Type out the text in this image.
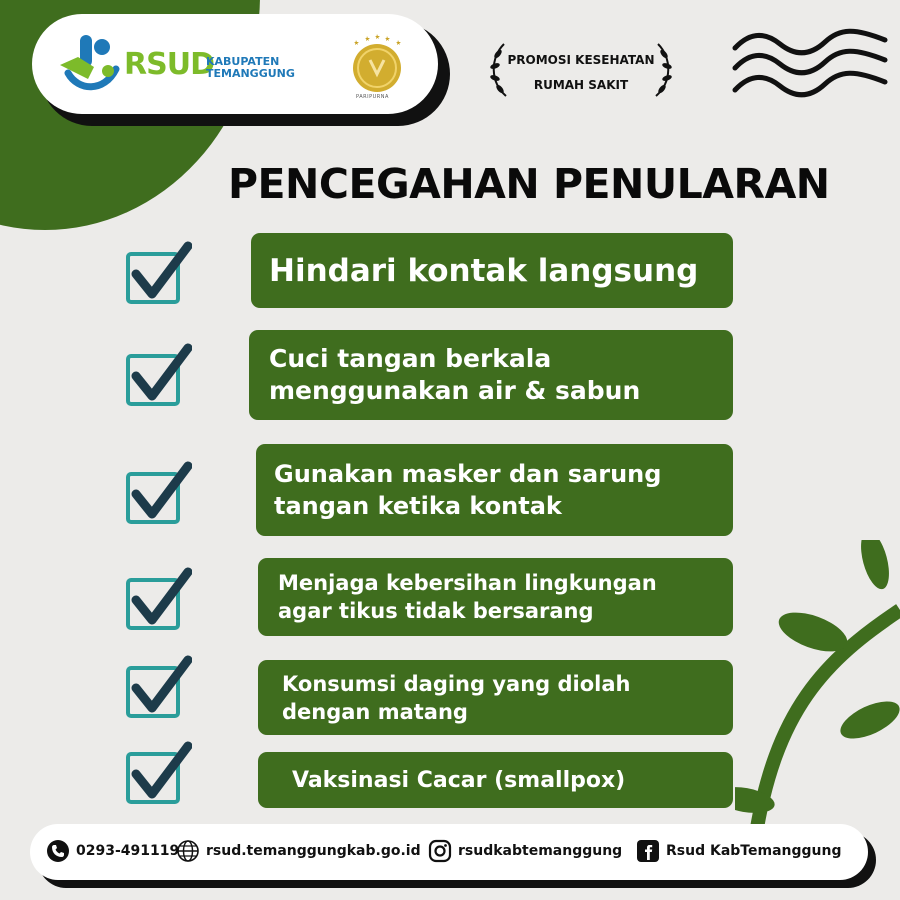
RSUD
KABUPATEN
TEMANGGUNG
PARIPURNA
PROMOSI KESEHATAN
RUMAH SAKIT
PENCEGAHAN PENULARAN
Hindari kontak langsung
Cuci tangan berkala
menggunakan air & sabun
Gunakan masker dan sarung
tangan ketika kontak
Menjaga kebersihan lingkungan
agar tikus tidak bersarang
Konsumsi daging yang diolah
dengan matang
Vaksinasi Cacar (smallpox)
0293-491119 rsud.temanggungkab.go.id	rsudkabtemanggung	Rsud KabTemanggung
